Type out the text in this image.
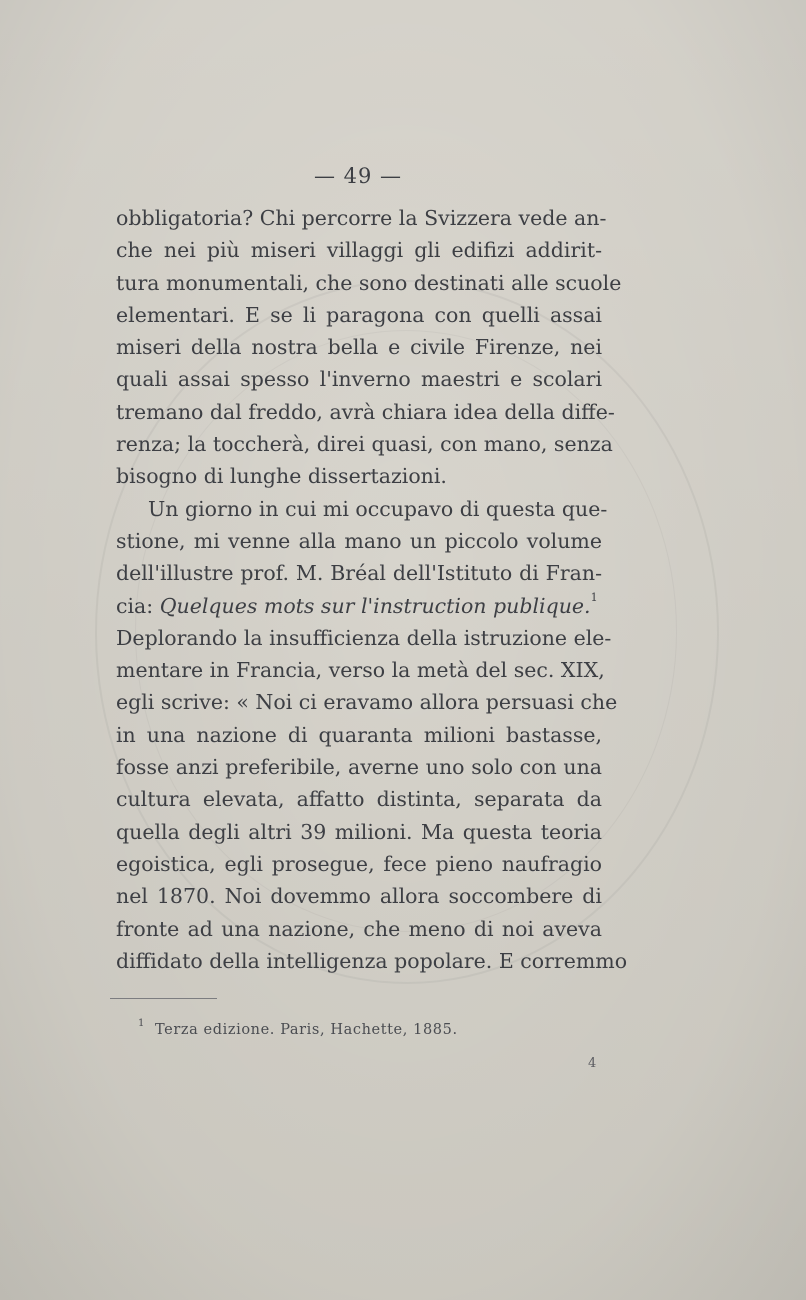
— 49 —
obbligatoria? Chi percorre la Svizzera vede an-
che nei più miseri villaggi gli edifizi addirit-
tura monumentali, che sono destinati alle scuole
elementari. E se li paragona con quelli assai
miseri della nostra bella e civile Firenze, nei
quali assai spesso l'inverno maestri e scolari
tremano dal freddo, avrà chiara idea della diffe-
renza; la toccherà, direi quasi, con mano, senza
bisogno di lunghe dissertazioni.
Un giorno in cui mi occupavo di questa que-
stione, mi venne alla mano un piccolo volume
dell'illustre prof. M. Bréal dell'Istituto di Fran-
cia: Quelques mots sur l'instruction publique.$^1$
Deplorando la insufficienza della istruzione ele-
mentare in Francia, verso la metà del sec. XIX,
egli scrive: « Noi ci eravamo allora persuasi che
in una nazione di quaranta milioni bastasse,
fosse anzi preferibile, averne uno solo con una
cultura elevata, affatto distinta, separata da
quella degli altri 39 milioni. Ma questa teoria
egoistica, egli prosegue, fece pieno naufragio
nel 1870. Noi dovemmo allora soccombere di
fronte ad una nazione, che meno di noi aveva
diffidato della intelligenza popolare. E corremmo
1 Terza edizione. Paris, Hachette, 1885.
4
